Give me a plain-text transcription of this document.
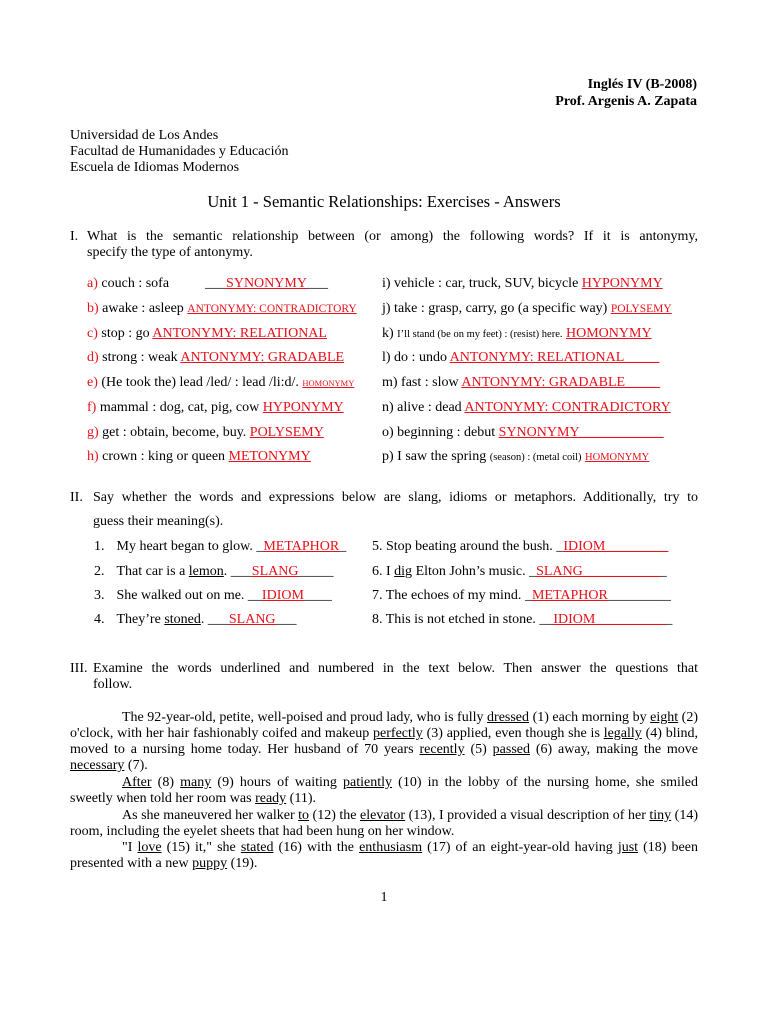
Inglés IV (B-2008)
Prof. Argenis A. Zapata
Universidad de Los Andes
Facultad de Humanidades y Educación
Escuela de Idiomas Modernos
Unit 1 - Semantic Relationships: Exercises - Answers
I. What is the semantic relationship between (or among) the following words? If it is antonymy,
specify the type of antonymy.
a) couch : sofa	___SYNONYMY___
b) awake : asleep ANTONYMY: CONTRADICTORY
c) stop : go ANTONYMY: RELATIONAL
d) strong : weak ANTONYMY: GRADABLE
e) (He took the) lead /led/ : lead /li:d/. HOMONYMY
f) mammal : dog, cat, pig, cow HYPONYMY
g) get : obtain, become, buy. POLYSEMY
h) crown : king or queen METONYMY
i) vehicle : car, truck, SUV, bicycle HYPONYMY
j) take : grasp, carry, go (a specific way) POLYSEMY
k) I’ll stand (be on my feet) : (resist) here. HOMONYMY
l) do : undo ANTONYMY: RELATIONAL_____
m) fast : slow ANTONYMY: GRADABLE_____
n) alive : dead ANTONYMY: CONTRADICTORY
o) beginning : debut SYNONYMY____________
p) I saw the spring (season) : (metal coil) HOMONYMY
II. Say whether the words and expressions below are slang, idioms or metaphors. Additionally, try to
guess their meaning(s).
1. My heart began to glow. _METAPHOR_
2. That car is a lemon. ___SLANG_____
3. She walked out on me. __IDIOM____
4. They’re stoned. ___SLANG___
5. Stop beating around the bush. _IDIOM_________
6. I dig Elton John’s music. _SLANG____________
7. The echoes of my mind. _METAPHOR_________
8. This is not etched in stone. __IDIOM___________
III. Examine the words underlined and numbered in the text below. Then answer the questions that
follow.
The 92-year-old, petite, well-poised and proud lady, who is fully dressed (1) each morning by eight (2) o'clock, with her hair fashionably coifed and makeup perfectly (3) applied, even though she is legally (4) blind, moved to a nursing home today. Her husband of 70 years recently (5) passed (6) away, making the move necessary (7).
After (8) many (9) hours of waiting patiently (10) in the lobby of the nursing home, she smiled sweetly when told her room was ready (11).
As she maneuvered her walker to (12) the elevator (13), I provided a visual description of her tiny (14) room, including the eyelet sheets that had been hung on her window.
"I love (15) it," she stated (16) with the enthusiasm (17) of an eight-year-old having just (18) been presented with a new puppy (19).
1
